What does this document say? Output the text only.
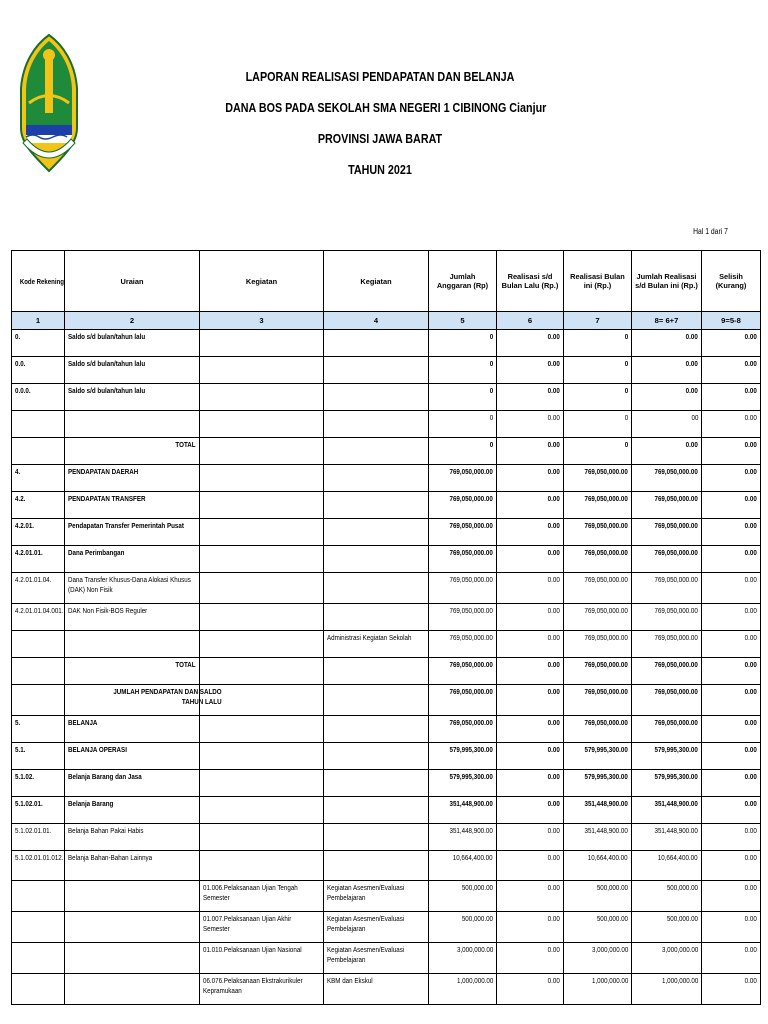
LAPORAN REALISASI PENDAPATAN DAN BELANJA
DANA BOS PADA SEKOLAH SMA NEGERI 1 CIBINONG Cianjur
PROVINSI JAWA BARAT
TAHUN 2021
Hal 1 dari 7
Kode Rekening	Uraian	Kegiatan	Kegiatan	Jumlah Anggaran (Rp)	Realisasi s/d Bulan Lalu (Rp.)	Realisasi Bulan ini (Rp.)	Jumlah Realisasi s/d Bulan ini (Rp.)	Selisih (Kurang)
1	2	3	4	5	6	7	8= 6+7	9=5-8
0.	Saldo s/d bulan/tahun lalu			0	0.00	0	0.00	0.00
0.0.	Saldo s/d bulan/tahun lalu			0	0.00	0	0.00	0.00
0.0.0.	Saldo s/d bulan/tahun lalu			0	0.00	0	0.00	0.00
				0	0.00	0	00	0.00
	TOTAL			0	0.00	0	0.00	0.00
4.	PENDAPATAN DAERAH			769,050,000.00	0.00	769,050,000.00	769,050,000.00	0.00
4.2.	PENDAPATAN TRANSFER			769,050,000.00	0.00	769,050,000.00	769,050,000.00	0.00
4.2.01.	Pendapatan Transfer Pemerintah Pusat			769,050,000.00	0.00	769,050,000.00	769,050,000.00	0.00
4.2.01.01.	Dana Perimbangan			769,050,000.00	0.00	769,050,000.00	769,050,000.00	0.00
4.2.01.01.04.	Dana Transfer Khusus-Dana Alokasi Khusus (DAK) Non Fisik			769,050,000.00	0.00	769,050,000.00	769,050,000.00	0.00
4.2.01.01.04.001.	DAK Non Fisik-BOS Reguler			769,050,000.00	0.00	769,050,000.00	769,050,000.00	0.00
			Administrasi Kegiatan Sekolah	769,050,000.00	0.00	769,050,000.00	769,050,000.00	0.00
	TOTAL			769,050,000.00	0.00	769,050,000.00	769,050,000.00	0.00
	JUMLAH PENDAPATAN DAN SALDO TAHUN LALU			769,050,000.00	0.00	769,050,000.00	769,050,000.00	0.00
5.	BELANJA			769,050,000.00	0.00	769,050,000.00	769,050,000.00	0.00
5.1.	BELANJA OPERASI			579,995,300.00	0.00	579,995,300.00	579,995,300.00	0.00
5.1.02.	Belanja Barang dan Jasa			579,995,300.00	0.00	579,995,300.00	579,995,300.00	0.00
5.1.02.01.	Belanja Barang			351,448,900.00	0.00	351,448,900.00	351,448,900.00	0.00
5.1.02.01.01.	Belanja Bahan Pakai Habis			351,448,900.00	0.00	351,448,900.00	351,448,900.00	0.00
5.1.02.01.01.012.	Belanja Bahan-Bahan Lainnya			10,664,400.00	0.00	10,664,400.00	10,664,400.00	0.00
		01.006.Pelaksanaan Ujian Tengah Semester	Kegiatan Asesmen/Evaluasi Pembelajaran	500,000.00	0.00	500,000.00	500,000.00	0.00
		01.007.Pelaksanaan Ujian Akhir Semester	Kegiatan Asesmen/Evaluasi Pembelajaran	500,000.00	0.00	500,000.00	500,000.00	0.00
		01.010.Pelaksanaan Ujian Nasional	Kegiatan Asesmen/Evaluasi Pembelajaran	3,000,000.00	0.00	3,000,000.00	3,000,000.00	0.00
		06.076.Pelaksanaan Ekstrakurikuler Kepramukaan	KBM dan Ekskul	1,000,000.00	0.00	1,000,000.00	1,000,000.00	0.00
